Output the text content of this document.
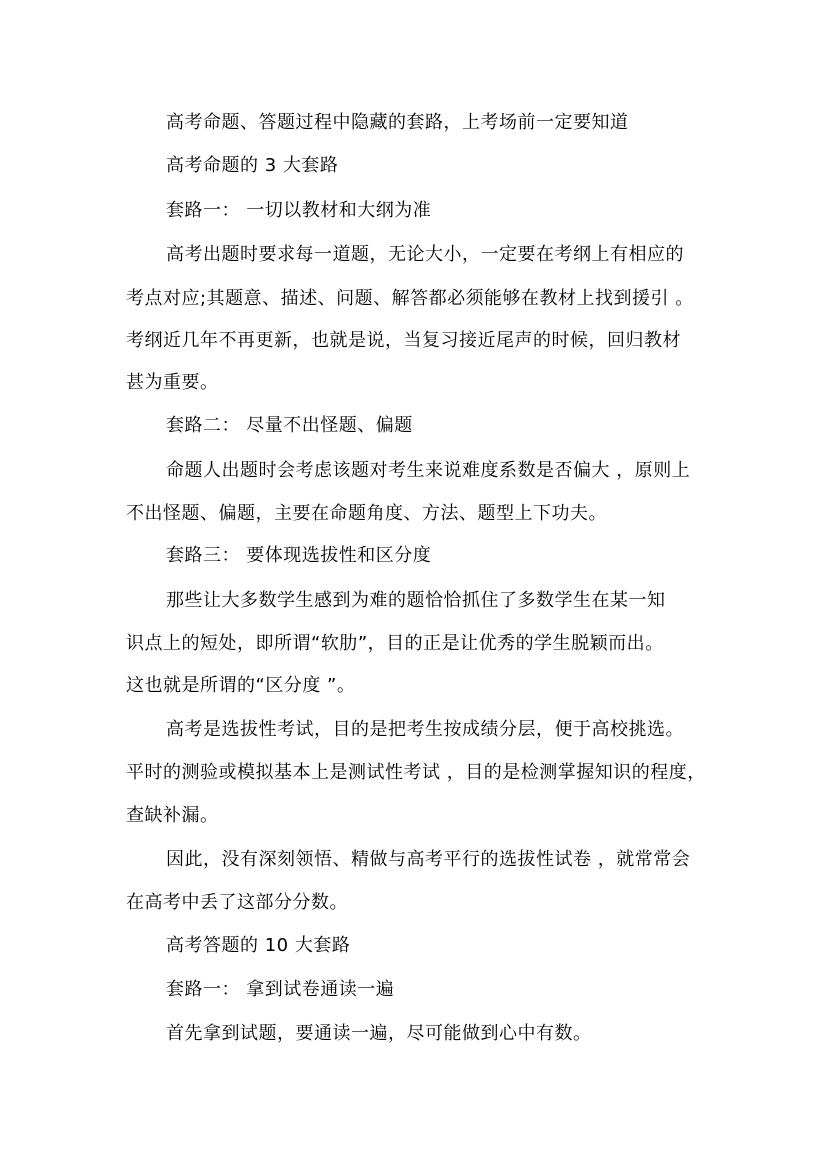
高考命题、答题过程中隐藏的套路，上考场前一定要知道
高考命题的 3 大套路
套路一： 一切以教材和大纲为准
高考出题时要求每一道题，无论大小，一定要在考纲上有相应的
考点对应;其题意、描述、问题、解答都必须能够在教材上找到援引 。
考纲近几年不再更新，也就是说，当复习接近尾声的时候，回归教材
甚为重要。
套路二： 尽量不出怪题、偏题
命题人出题时会考虑该题对考生来说难度系数是否偏大 ，原则上
不出怪题、偏题，主要在命题角度、方法、题型上下功夫。
套路三： 要体现选拔性和区分度
那些让大多数学生感到为难的题恰恰抓住了多数学生在某一知
识点上的短处，即所谓“软肋”，目的正是让优秀的学生脱颖而出。
这也就是所谓的“区分度 ”。
高考是选拔性考试，目的是把考生按成绩分层，便于高校挑选。
平时的测验或模拟基本上是测试性考试 ，目的是检测掌握知识的程度，
查缺补漏。
因此，没有深刻领悟、精做与高考平行的选拔性试卷 ，就常常会
在高考中丢了这部分分数。
高考答题的 10 大套路
套路一： 拿到试卷通读一遍
首先拿到试题，要通读一遍，尽可能做到心中有数。
